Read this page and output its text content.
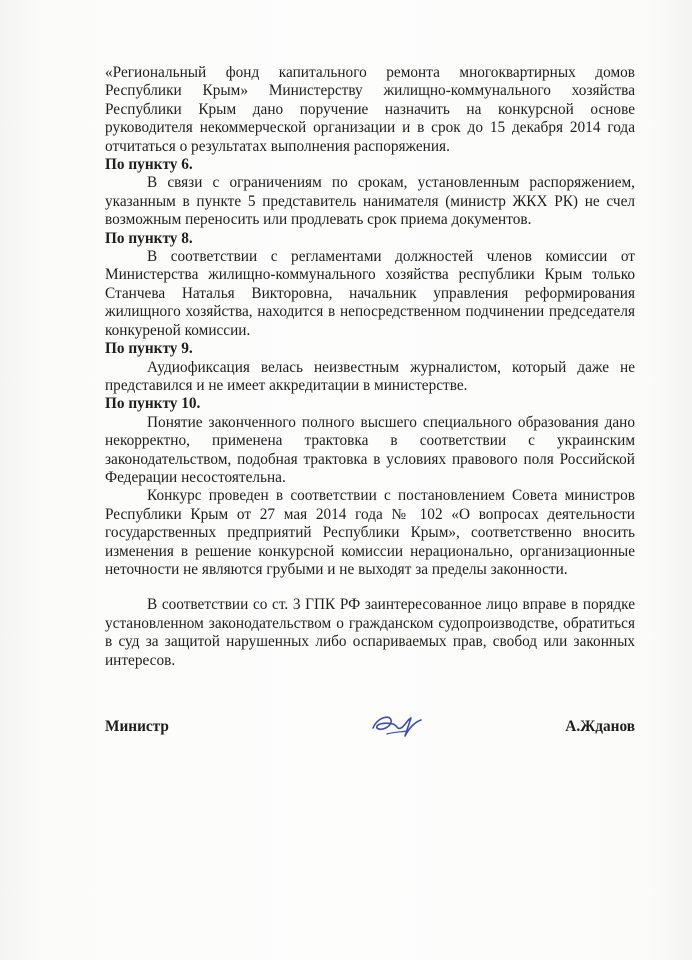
«Региональный фонд капитального ремонта многоквартирных домов Республики Крым» Министерству жилищно-коммунального хозяйства Республики Крым дано поручение назначить на конкурсной основе руководителя некоммерческой организации и в срок до 15 декабря 2014 года отчитаться о результатах выполнения распоряжения.

По пункту 6.

В связи с ограничениям по срокам, установленным распоряжением, указанным в пункте 5 представитель нанимателя (министр ЖКХ РК) не счел возможным переносить или продлевать срок приема документов.

По пункту 8.

В соответствии с регламентами должностей членов комиссии от Министерства жилищно-коммунального хозяйства республики Крым только Станчева Наталья Викторовна, начальник управления реформирования жилищного хозяйства, находится в непосредственном подчинении председателя конкуреной комиссии.

По пункту 9.

Аудиофиксация велась неизвестным журналистом, который даже не представился и не имеет аккредитации в министерстве.

По пункту 10.

Понятие законченного полного высшего специального образования дано некорректно, применена трактовка в соответствии с украинским законодательством, подобная трактовка в условиях правового поля Российской Федерации несостоятельна.

Конкурс проведен в соответствии с постановлением Совета министров Республики Крым от 27 мая 2014 года № 102 «О вопросах деятельности государственных предприятий Республики Крым», соответственно вносить изменения в решение конкурсной комиссии нерационально, организационные неточности не являются грубыми и не выходят за пределы законности.

В соответствии со ст. 3 ГПК РФ заинтересованное лицо вправе в порядке установленном законодательством о гражданском судопроизводстве, обратиться в суд за защитой нарушенных либо оспариваемых прав, свобод или законных интересов.

Министр	А.Жданов
